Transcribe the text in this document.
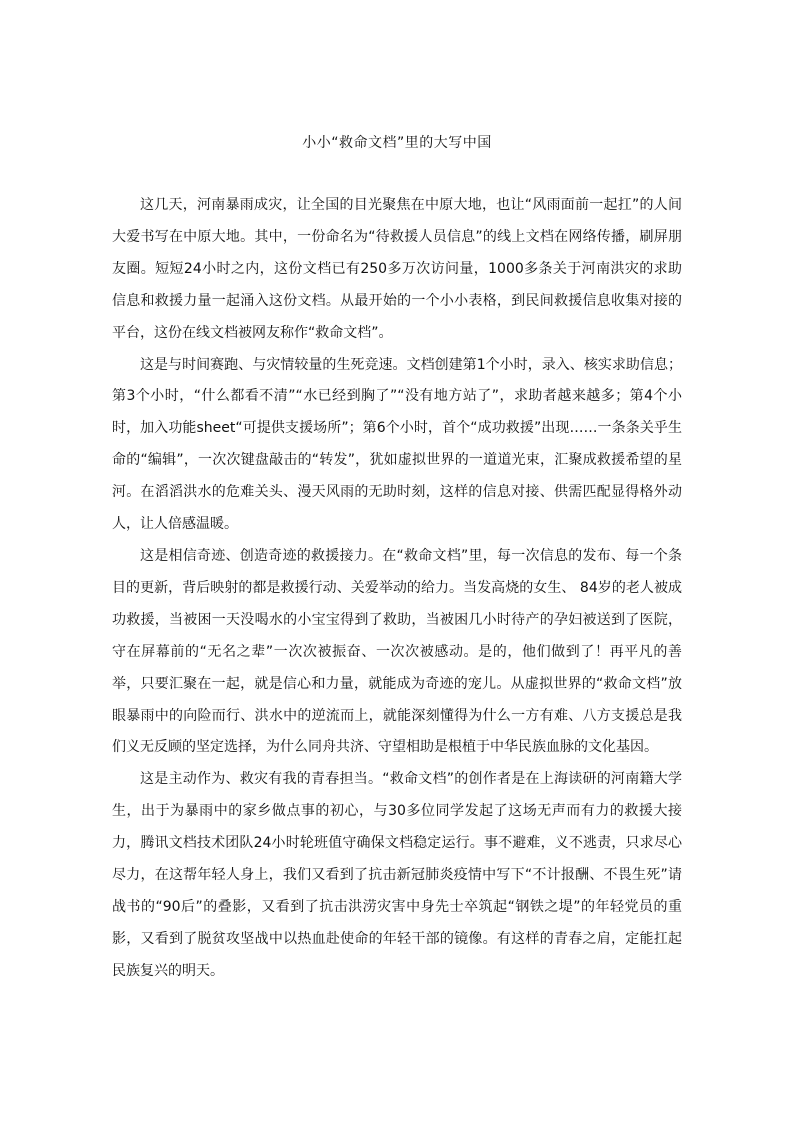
小小“救命文档”里的大写中国

这几天，河南暴雨成灾，让全国的目光聚焦在中原大地，也让“风雨面前一起扛”的人间大爱书写在中原大地。其中，一份命名为“待救援人员信息”的线上文档在网络传播，刷屏朋友圈。短短24小时之内，这份文档已有250多万次访问量，1000多条关于河南洪灾的求助信息和救援力量一起涌入这份文档。从最开始的一个小小表格，到民间救援信息收集对接的平台，这份在线文档被网友称作“救命文档”。

这是与时间赛跑、与灾情较量的生死竞速。文档创建第1个小时，录入、核实求助信息；第3个小时，“什么都看不清”“水已经到胸了”“没有地方站了”，求助者越来越多；第4个小时，加入功能sheet“可提供支援场所”；第6个小时，首个“成功救援”出现……一条条关乎生命的“编辑”，一次次键盘敲击的“转发”，犹如虚拟世界的一道道光束，汇聚成救援希望的星河。在滔滔洪水的危难关头、漫天风雨的无助时刻，这样的信息对接、供需匹配显得格外动人，让人倍感温暖。

这是相信奇迹、创造奇迹的救援接力。在“救命文档”里，每一次信息的发布、每一个条目的更新，背后映射的都是救援行动、关爱举动的给力。当发高烧的女生、 84岁的老人被成功救援，当被困一天没喝水的小宝宝得到了救助，当被困几小时待产的孕妇被送到了医院，守在屏幕前的“无名之辈”一次次被振奋、一次次被感动。是的，他们做到了！再平凡的善举，只要汇聚在一起，就是信心和力量，就能成为奇迹的宠儿。从虚拟世界的“救命文档”放眼暴雨中的向险而行、洪水中的逆流而上，就能深刻懂得为什么一方有难、八方支援总是我们义无反顾的坚定选择，为什么同舟共济、守望相助是根植于中华民族血脉的文化基因。

这是主动作为、救灾有我的青春担当。“救命文档”的创作者是在上海读研的河南籍大学生，出于为暴雨中的家乡做点事的初心，与30多位同学发起了这场无声而有力的救援大接力，腾讯文档技术团队24小时轮班值守确保文档稳定运行。事不避难，义不逃责，只求尽心尽力，在这帮年轻人身上，我们又看到了抗击新冠肺炎疫情中写下“不计报酬、不畏生死”请战书的“90后”的叠影，又看到了抗击洪涝灾害中身先士卒筑起“钢铁之堤”的年轻党员的重影，又看到了脱贫攻坚战中以热血赴使命的年轻干部的镜像。有这样的青春之肩，定能扛起民族复兴的明天。
